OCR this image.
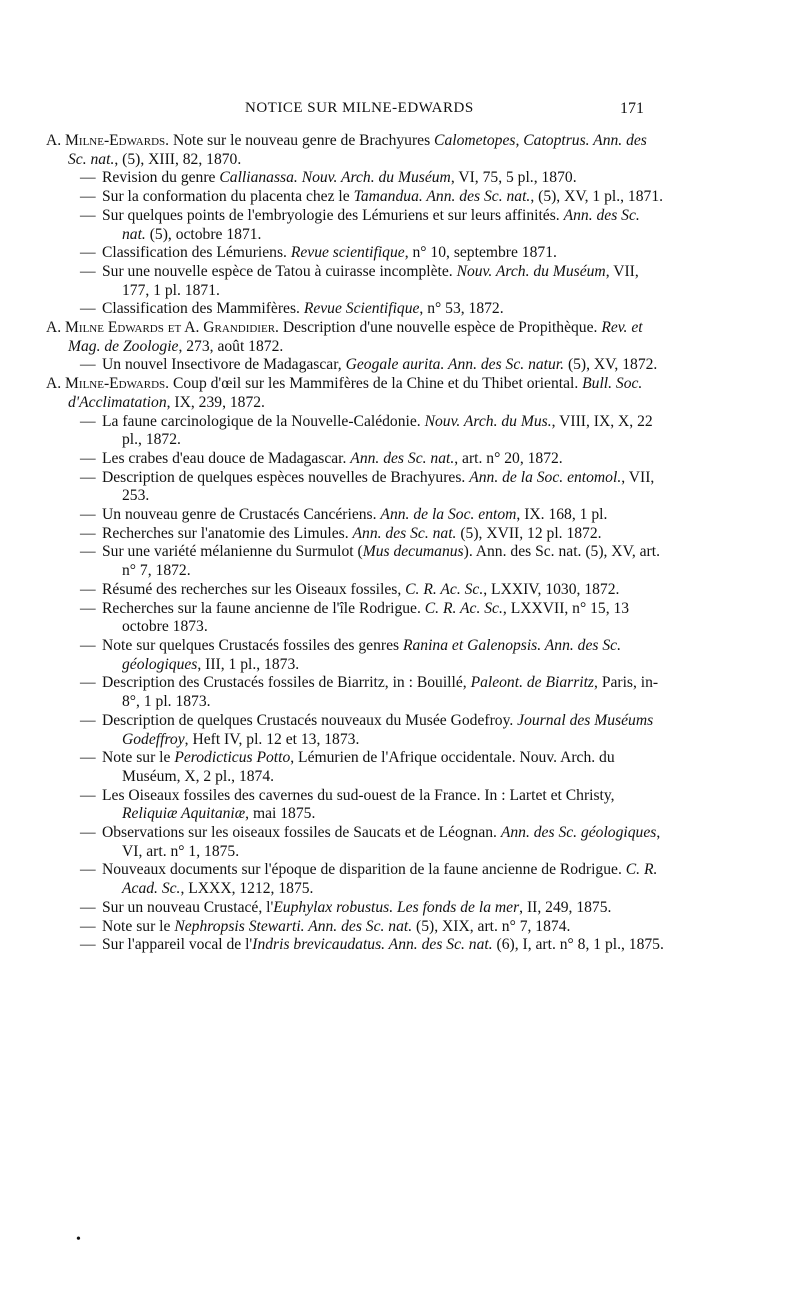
NOTICE SUR MILNE-EDWARDS	171
A. Milne-Edwards. Note sur le nouveau genre de Brachyures Calometopes, Catoptrus. Ann. des Sc. nat., (5), XIII, 82, 1870.
— Revision du genre Callianassa. Nouv. Arch. du Muséum, VI, 75, 5 pl., 1870.
— Sur la conformation du placenta chez le Tamandua. Ann. des Sc. nat., (5), XV, 1 pl., 1871.
— Sur quelques points de l'embryologie des Lémuriens et sur leurs affinités. Ann. des Sc. nat. (5), octobre 1871.
— Classification des Lémuriens. Revue scientifique, n° 10, septembre 1871.
— Sur une nouvelle espèce de Tatou à cuirasse incomplète. Nouv. Arch. du Muséum, VII, 177, 1 pl. 1871.
— Classification des Mammifères. Revue Scientifique, n° 53, 1872.
A. Milne Edwards et A. Grandidier. Description d'une nouvelle espèce de Propithèque. Rev. et Mag. de Zoologie, 273, août 1872.
— Un nouvel Insectivore de Madagascar, Geogale aurita. Ann. des Sc. natur. (5), XV, 1872.
A. Milne-Edwards. Coup d'œil sur les Mammifères de la Chine et du Thibet oriental. Bull. Soc. d'Acclimatation, IX, 239, 1872.
— La faune carcinologique de la Nouvelle-Calédonie. Nouv. Arch. du Mus., VIII, IX, X, 22 pl., 1872.
— Les crabes d'eau douce de Madagascar. Ann. des Sc. nat., art. n° 20, 1872.
— Description de quelques espèces nouvelles de Brachyures. Ann. de la Soc. entomol., VII, 253.
— Un nouveau genre de Crustacés Cancériens. Ann. de la Soc. entom, IX. 168, 1 pl.
— Recherches sur l'anatomie des Limules. Ann. des Sc. nat. (5), XVII, 12 pl. 1872.
— Sur une variété mélanienne du Surmulot (Mus decumanus). Ann. des Sc. nat. (5), XV, art. n° 7, 1872.
— Résumé des recherches sur les Oiseaux fossiles, C. R. Ac. Sc., LXXIV, 1030, 1872.
— Recherches sur la faune ancienne de l'île Rodrigue. C. R. Ac. Sc., LXXVII, n° 15, 13 octobre 1873.
— Note sur quelques Crustacés fossiles des genres Ranina et Galenopsis. Ann. des Sc. géologiques, III, 1 pl., 1873.
— Description des Crustacés fossiles de Biarritz, in : Bouillé, Paleont. de Biarritz, Paris, in-8°, 1 pl. 1873.
— Description de quelques Crustacés nouveaux du Musée Godefroy. Journal des Muséums Godeffroy, Heft IV, pl. 12 et 13, 1873.
— Note sur le Perodicticus Potto, Lémurien de l'Afrique occidentale. Nouv. Arch. du Muséum, X, 2 pl., 1874.
— Les Oiseaux fossiles des cavernes du sud-ouest de la France. In : Lartet et Christy, Reliquiæ Aquitaniæ, mai 1875.
— Observations sur les oiseaux fossiles de Saucats et de Léognan. Ann. des Sc. géologiques, VI, art. n° 1, 1875.
— Nouveaux documents sur l'époque de disparition de la faune ancienne de Rodrigue. C. R. Acad. Sc., LXXX, 1212, 1875.
— Sur un nouveau Crustacé, l'Euphylax robustus. Les fonds de la mer, II, 249, 1875.
— Note sur le Nephropsis Stewarti. Ann. des Sc. nat. (5), XIX, art. n° 7, 1874.
— Sur l'appareil vocal de l'Indris brevicaudatus. Ann. des Sc. nat. (6), I, art. n° 8, 1 pl., 1875.
•
